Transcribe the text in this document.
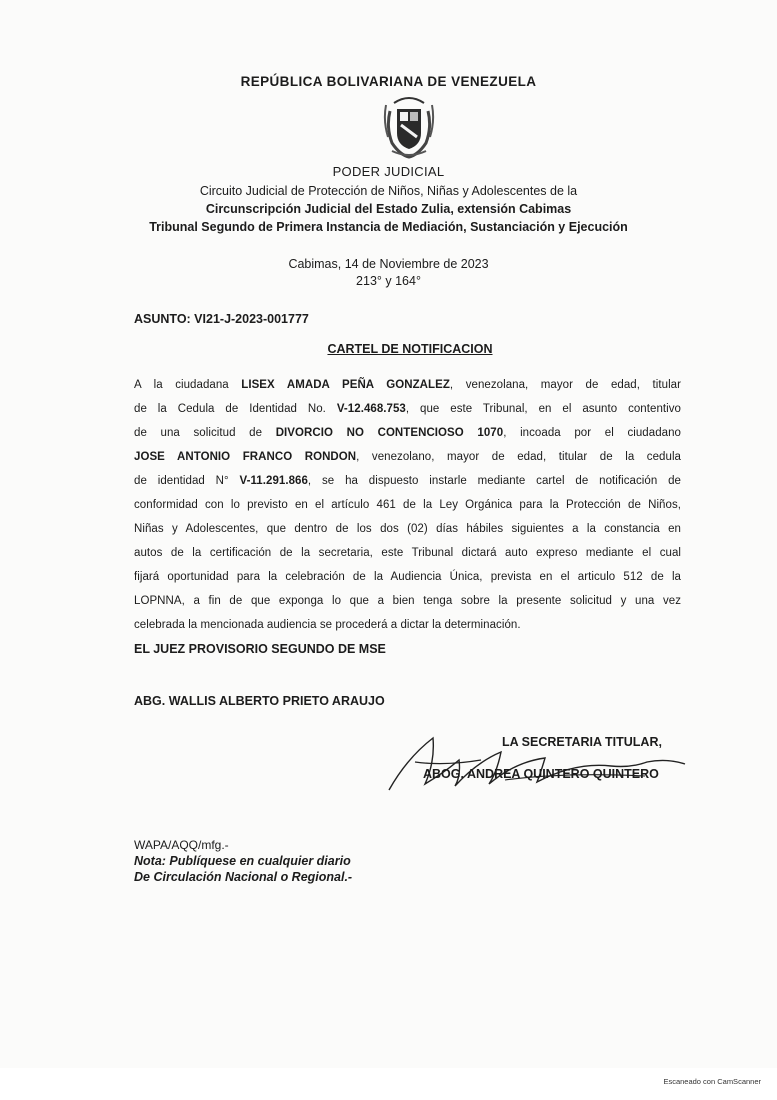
REPÚBLICA BOLIVARIANA DE VENEZUELA
PODER JUDICIAL
Circuito Judicial de Protección de Niños, Niñas y Adolescentes de la
Circunscripción Judicial del Estado Zulia, extensión Cabimas
Tribunal Segundo de Primera Instancia de Mediación, Sustanciación y Ejecución
Cabimas, 14 de Noviembre de 2023
213° y 164°
ASUNTO: VI21-J-2023-001777
CARTEL DE NOTIFICACION
A la ciudadana LISEX AMADA PEÑA GONZALEZ, venezolana, mayor de edad, titular
de la Cedula de Identidad No. V-12.468.753, que este Tribunal, en el asunto contentivo
de una solicitud de DIVORCIO NO CONTENCIOSO 1070, incoada por el ciudadano
JOSE ANTONIO FRANCO RONDON, venezolano, mayor de edad, titular de la cedula
de identidad N° V-11.291.866, se ha dispuesto instarle mediante cartel de notificación de
conformidad con lo previsto en el artículo 461 de la Ley Orgánica para la Protección de Niños,
Niñas y Adolescentes, que dentro de los dos (02) días hábiles siguientes a la constancia en
autos de la certificación de la secretaria, este Tribunal dictará auto expreso mediante el cual
fijará oportunidad para la celebración de la Audiencia Única, prevista en el articulo 512 de la
LOPNNA, a fin de que exponga lo que a bien tenga sobre la presente solicitud y una vez
celebrada la mencionada audiencia se procederá a dictar la determinación.
EL JUEZ PROVISORIO SEGUNDO DE MSE
ABG. WALLIS ALBERTO PRIETO ARAUJO
LA SECRETARIA TITULAR,
ABOG. ANDREA QUINTERO QUINTERO
WAPA/AQQ/mfg.-
Nota: Publíquese en cualquier diario
De Circulación Nacional o Regional.-
Escaneado con CamScanner
